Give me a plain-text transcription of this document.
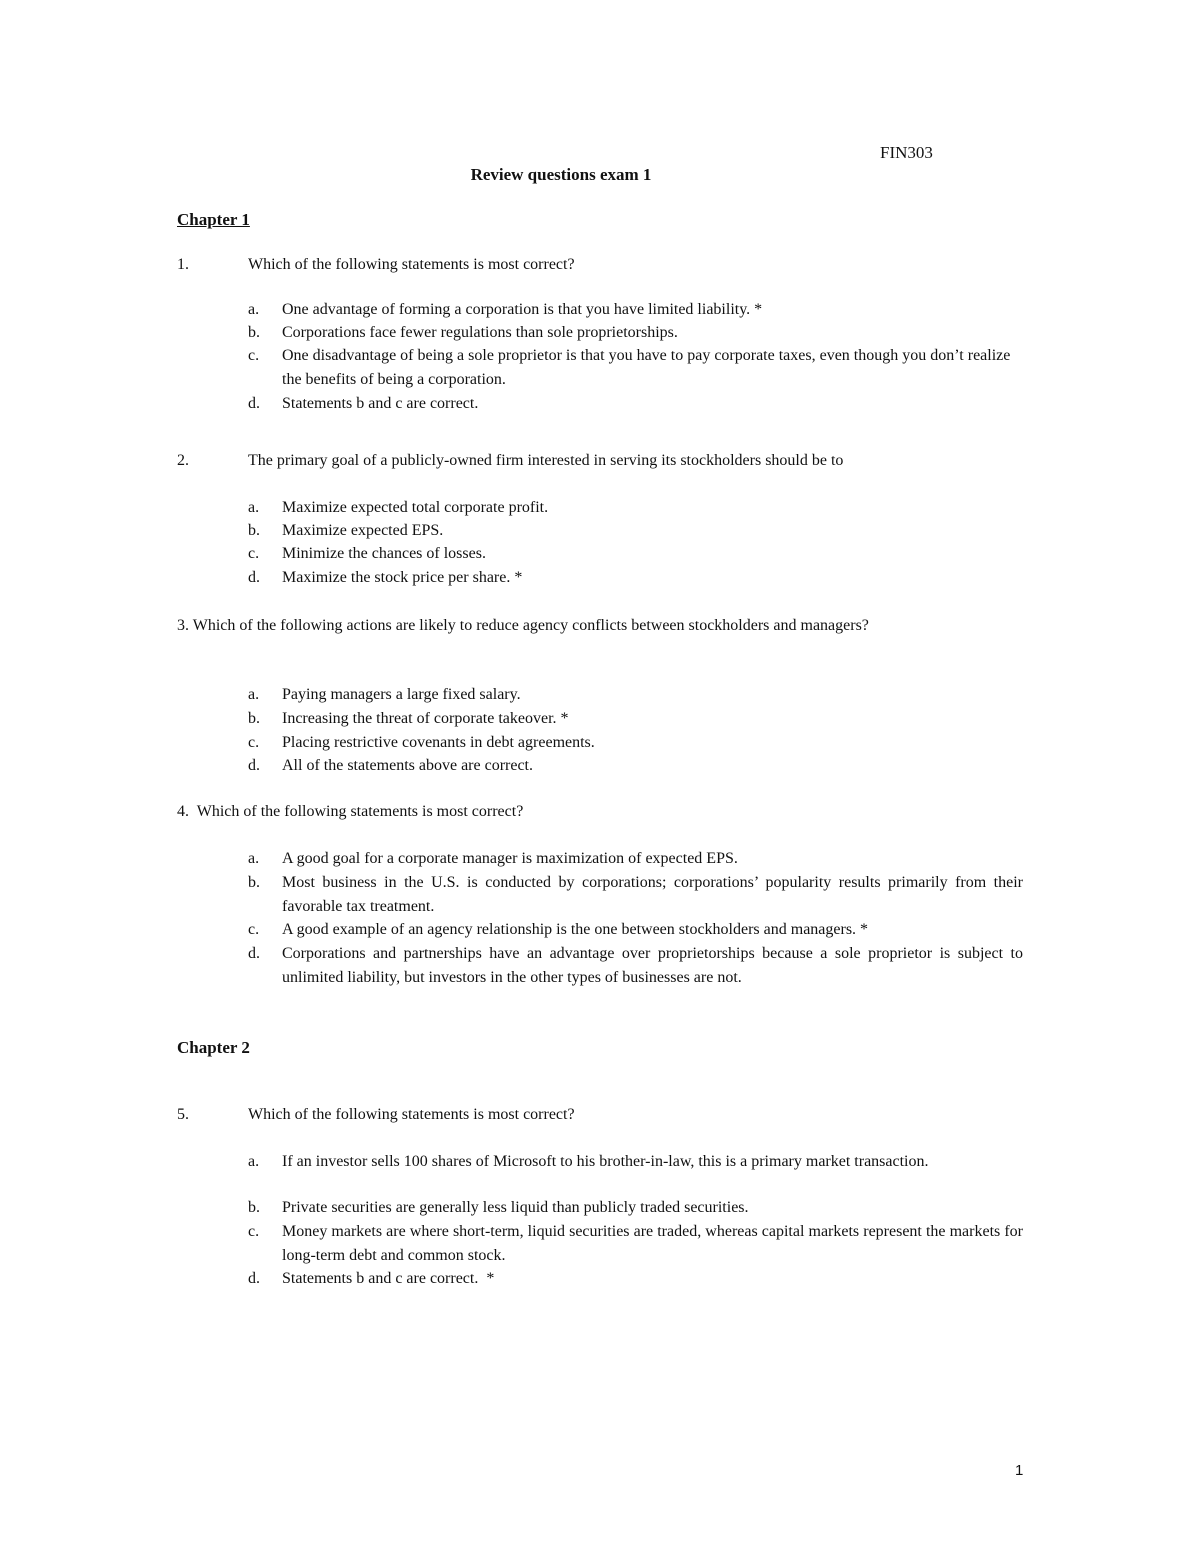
FIN303
Review questions exam 1
Chapter 1
1.	Which of the following statements is most correct?
a. One advantage of forming a corporation is that you have limited liability. *
b. Corporations face fewer regulations than sole proprietorships.
c. One disadvantage of being a sole proprietor is that you have to pay corporate taxes, even though you don’t realize the benefits of being a corporation.
d. Statements b and c are correct.
2.	The primary goal of a publicly-owned firm interested in serving its stockholders should be to
a. Maximize expected total corporate profit.
b. Maximize expected EPS.
c. Minimize the chances of losses.
d. Maximize the stock price per share. *
3. Which of the following actions are likely to reduce agency conflicts between stockholders and managers?
a. Paying managers a large fixed salary.
b. Increasing the threat of corporate takeover. *
c. Placing restrictive covenants in debt agreements.
d. All of the statements above are correct.
4.  Which of the following statements is most correct?
a. A good goal for a corporate manager is maximization of expected EPS.
b. Most business in the U.S. is conducted by corporations; corporations’ popularity results primarily from their favorable tax treatment.
c. A good example of an agency relationship is the one between stockholders and managers. *
d. Corporations and partnerships have an advantage over proprietorships because a sole proprietor is subject to unlimited liability, but investors in the other types of businesses are not.
Chapter 2
5.	Which of the following statements is most correct?
a. If an investor sells 100 shares of Microsoft to his brother-in-law, this is a primary market transaction.
b. Private securities are generally less liquid than publicly traded securities.
c. Money markets are where short-term, liquid securities are traded, whereas capital markets represent the markets for long-term debt and common stock.
d. Statements b and c are correct.  *
1
